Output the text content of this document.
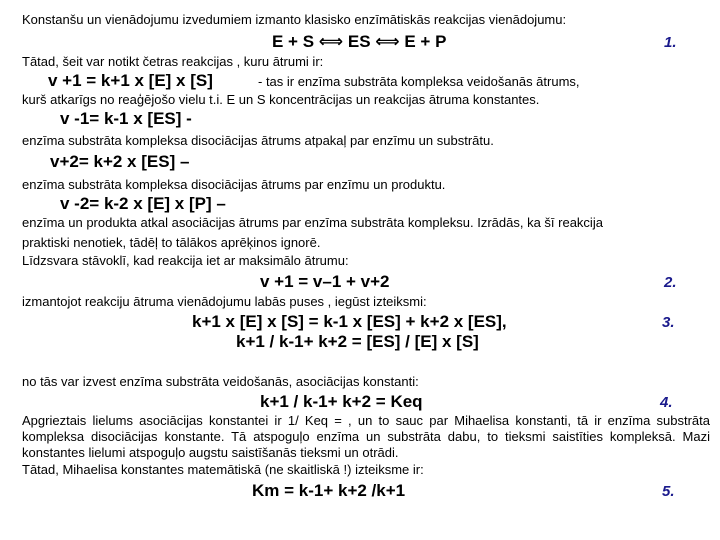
Konstanšu un vienādojumu izvedumiem izmanto klasisko enzīmātiskās reakcijas vienādojumu:
E + S ⟺ ES ⟺ E + P	1.
Tātad, šeit var notikt četras reakcijas , kuru ātrumi ir:
v +1 = k+1 x [E] x [S]	- tas ir enzīma substrāta kompleksa veidošanās ātrums,
kurš atkarīgs no reaģējošo vielu t.i. E un S koncentrācijas un reakcijas ātruma konstantes.
v -1= k-1 x [ES] -
enzīma substrāta kompleksa disociācijas ātrums atpakaļ par enzīmu un substrātu.
v+2= k+2 x [ES] –
enzīma substrāta kompleksa disociācijas ātrums par enzīmu un produktu.
v -2= k-2 x [E] x [P] –
enzīma un produkta atkal asociācijas ātrums par enzīma substrāta kompleksu. Izrādās, ka šī reakcija
praktiski nenotiek, tādēļ to tālākos aprēķinos ignorē.
Līdzsvara stāvoklī, kad reakcija iet ar maksimālo ātrumu:
v +1 = v–1 + v+2	2.
izmantojot reakciju ātruma vienādojumu labās puses , iegūst izteiksmi:
k+1 x [E] x [S] = k-1 x [ES] + k+2 x [ES],	3.
k+1 / k-1+ k+2 = [ES] / [E] x [S]
no tās var izvest enzīma substrāta veidošanās, asociācijas konstanti:
k+1 / k-1+ k+2 = Keq	4.
Apgrieztais lielums asociācijas konstantei ir 1/ Keq = , un to sauc par Mihaelisa konstanti, tā ir enzīma substrāta kompleksa disociācijas konstante. Tā atspoguļo enzīma un substrāta dabu, to tieksmi saistīties kompleksā. Mazi konstantes lielumi atspoguļo augstu saistīšanās tieksmi un otrādi.
Tātad, Mihaelisa konstantes matemātiskā (ne skaitliskā !) izteiksme ir:
Km = k-1+ k+2 /k+1	5.
